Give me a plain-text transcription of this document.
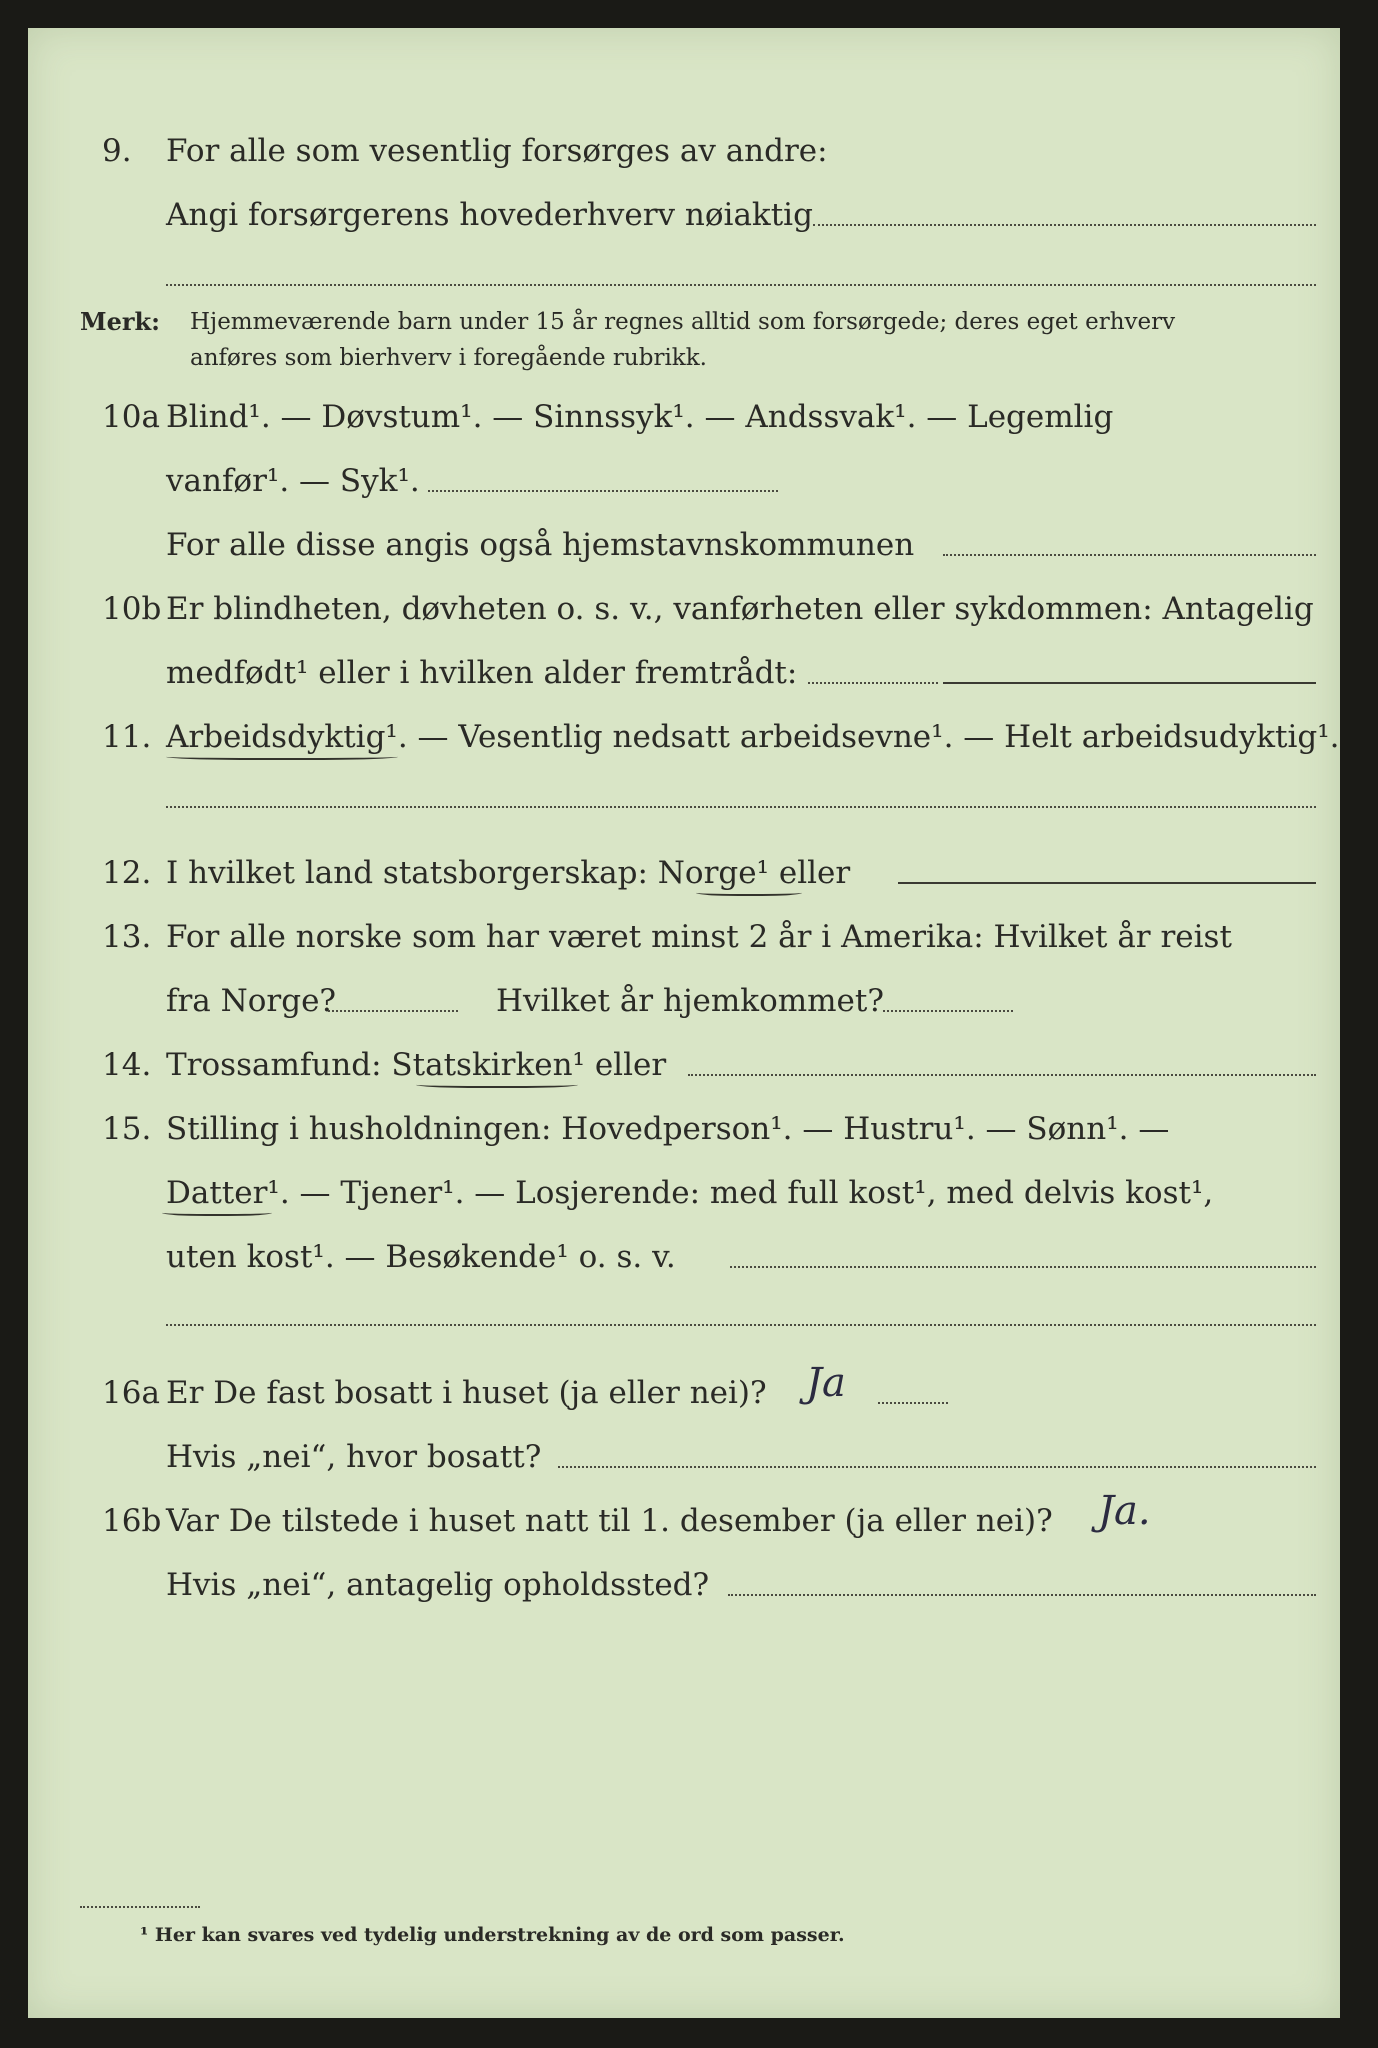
9. For alle som vesentlig forsørges av andre:
Angi forsørgerens hovederhverv nøiaktig
Merk: Hjemmeværende barn under 15 år regnes alltid som forsørgede; deres eget erhverv
anføres som bierhverv i foregående rubrikk.
10a Blind¹. — Døvstum¹. — Sinnssyk¹. — Andssvak¹. — Legemlig
vanfør¹. — Syk¹.
For alle disse angis også hjemstavnskommunen
10b Er blindheten, døvheten o. s. v., vanførheten eller sykdommen: Antagelig
medfødt¹ eller i hvilken alder fremtrådt:
11. Arbeidsdyktig¹. — Vesentlig nedsatt arbeidsevne¹. — Helt arbeidsudyktig¹.
12. I hvilket land statsborgerskap: Norge¹ eller
13. For alle norske som har været minst 2 år i Amerika: Hvilket år reist
fra Norge?	Hvilket år hjemkommet?
14. Trossamfund: Statskirken¹ eller
15. Stilling i husholdningen: Hovedperson¹. — Hustru¹. — Sønn¹. —
Datter¹. — Tjener¹. — Losjerende: med full kost¹, med delvis kost¹,
uten kost¹. — Besøkende¹ o. s. v.
16a Er De fast bosatt i huset (ja eller nei)? Ja
Hvis „nei“, hvor bosatt?
16b Var De tilstede i huset natt til 1. desember (ja eller nei)? Ja.
Hvis „nei“, antagelig opholdssted?
¹ Her kan svares ved tydelig understrekning av de ord som passer.
